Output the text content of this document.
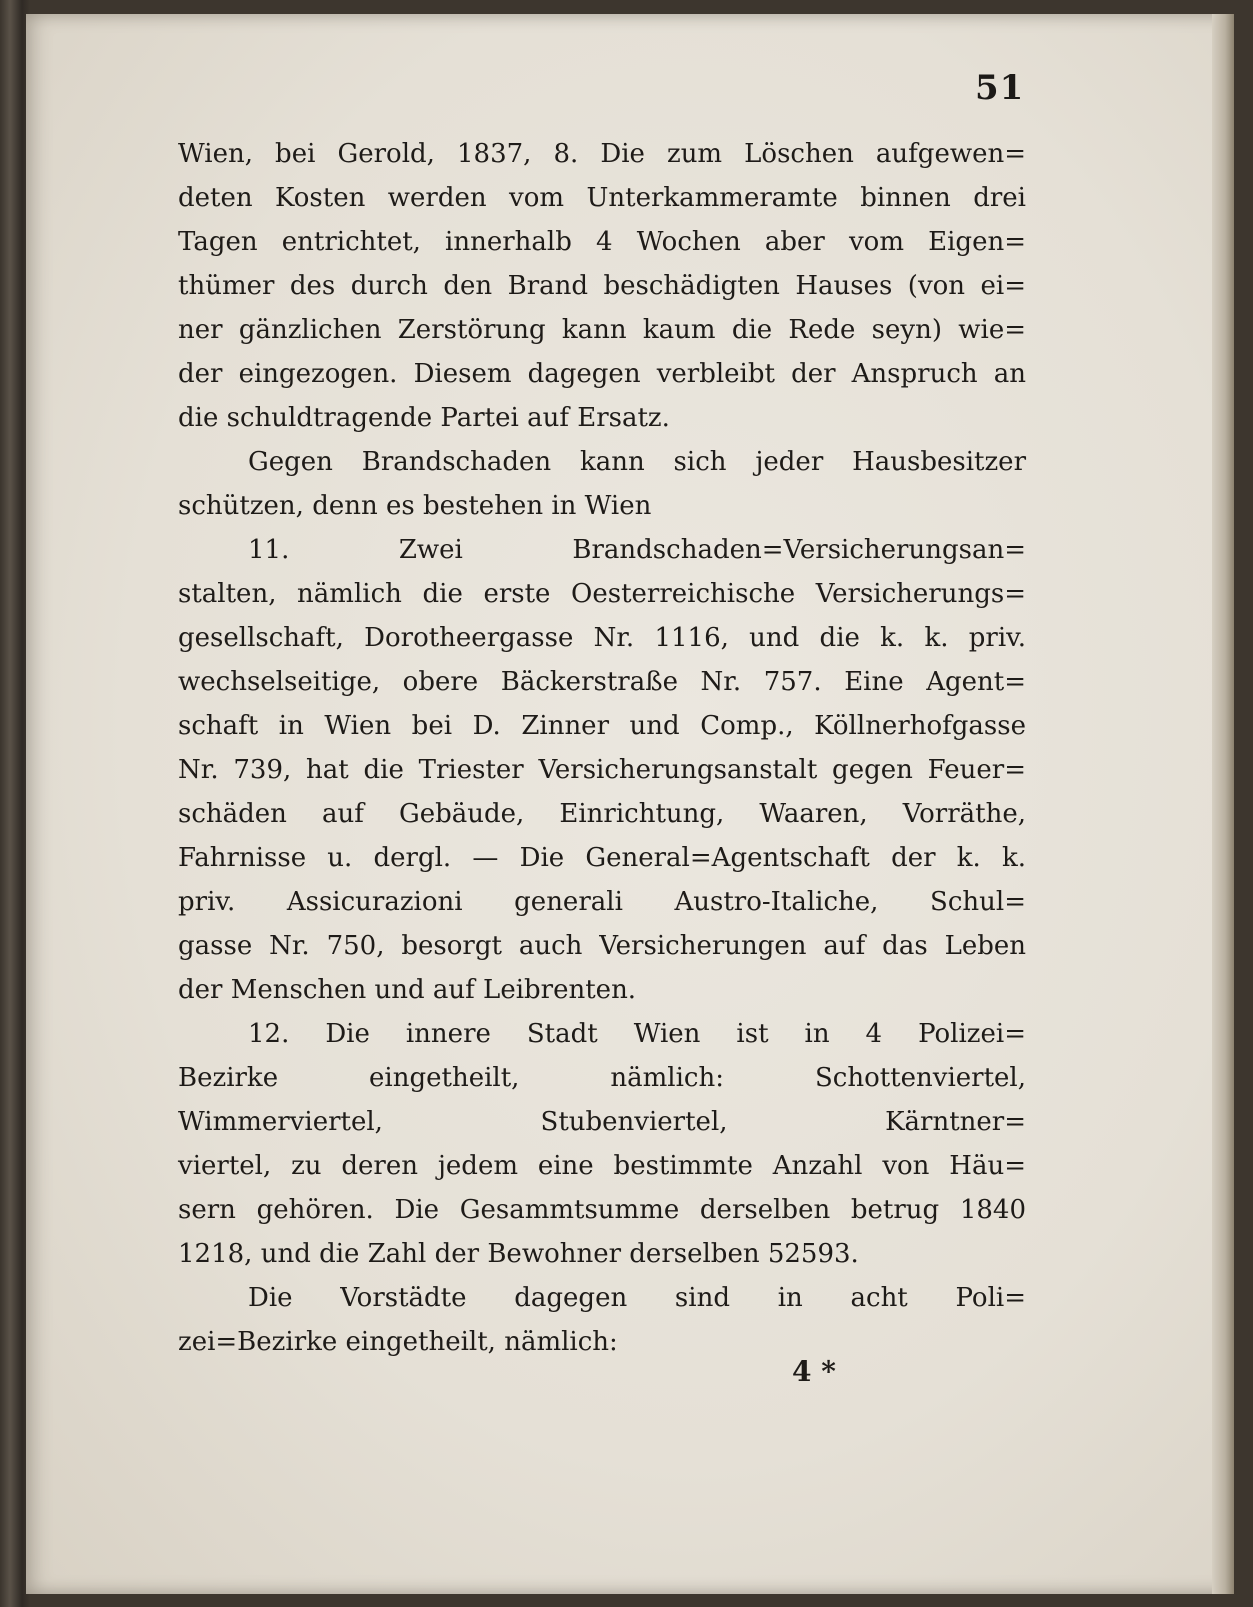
51
Wien, bei Gerold, 1837, 8. Die zum Löschen aufgewen=
deten Kosten werden vom Unterkammeramte binnen drei
Tagen entrichtet, innerhalb 4 Wochen aber vom Eigen=
thümer des durch den Brand beschädigten Hauses (von ei=
ner gänzlichen Zerstörung kann kaum die Rede seyn) wie=
der eingezogen. Diesem dagegen verbleibt der Anspruch an
die schuldtragende Partei auf Ersatz.
Gegen Brandschaden kann sich jeder Hausbesitzer
schützen, denn es bestehen in Wien
11. Zwei Brandschaden=Versicherungsan=
stalten, nämlich die erste Oesterreichische Versicherungs=
gesellschaft, Dorotheergasse Nr. 1116, und die k. k. priv.
wechselseitige, obere Bäckerstraße Nr. 757. Eine Agent=
schaft in Wien bei D. Zinner und Comp., Köllnerhofgasse
Nr. 739, hat die Triester Versicherungsanstalt gegen Feuer=
schäden auf Gebäude, Einrichtung, Waaren, Vorräthe,
Fahrnisse u. dergl. — Die General=Agentschaft der k. k.
priv. Assicurazioni generali Austro-Italiche, Schul=
gasse Nr. 750, besorgt auch Versicherungen auf das Leben
der Menschen und auf Leibrenten.
12. Die innere Stadt Wien ist in 4 Polizei=
Bezirke eingetheilt, nämlich: Schottenviertel,
Wimmerviertel, Stubenviertel, Kärntner=
viertel, zu deren jedem eine bestimmte Anzahl von Häu=
sern gehören. Die Gesammtsumme derselben betrug 1840
1218, und die Zahl der Bewohner derselben 52593.
Die Vorstädte dagegen sind in acht Poli=
zei=Bezirke eingetheilt, nämlich:
4 *
